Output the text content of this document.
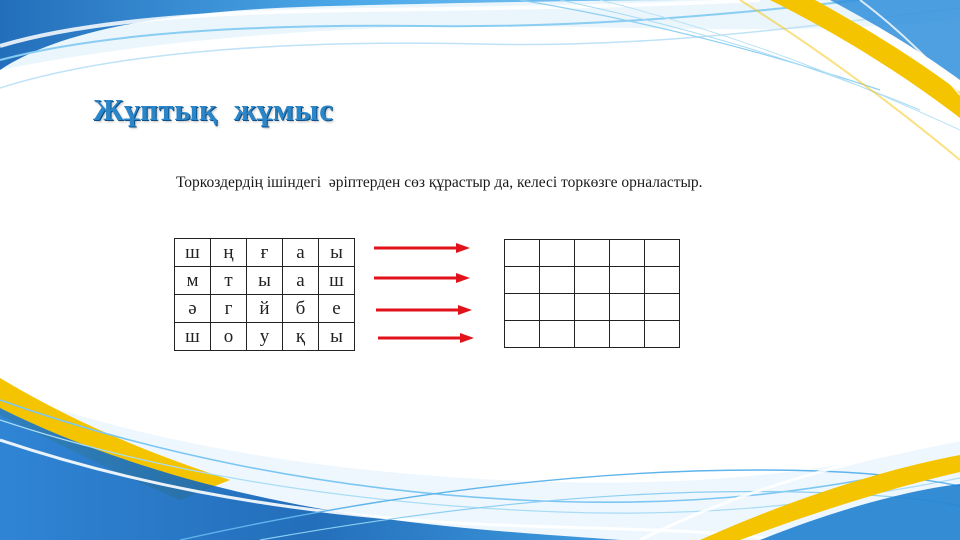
Жұптық  жұмыс

Торкоздердің ішіндегі  әріптерден сөз құрастыр да, келесі торкөзге орналастыр.

ш	ң	ғ	а	ы
м	т	ы	а	ш
ә	г	й	б	е
ш	о	у	қ	ы
